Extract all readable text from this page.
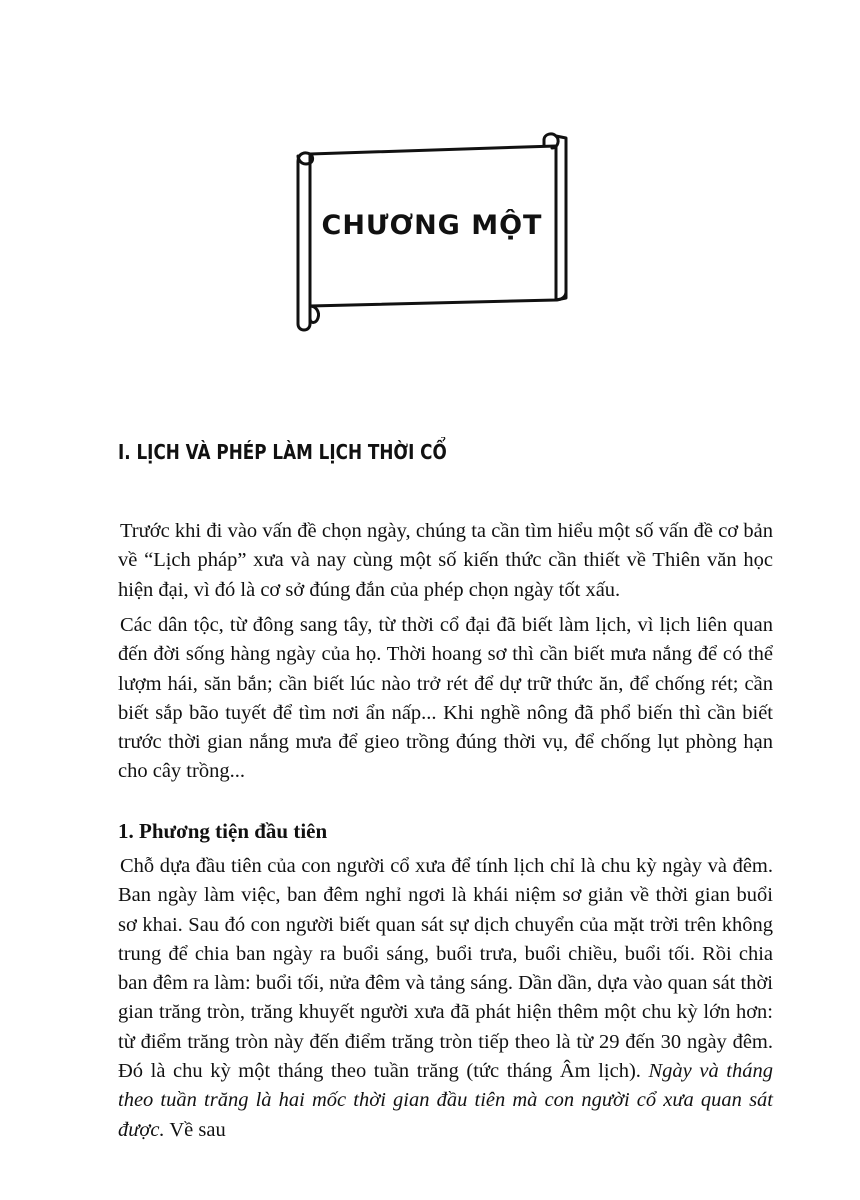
CHƯƠNG MỘT
I. LỊCH VÀ PHÉP LÀM LỊCH THỜI CỔ

Trước khi đi vào vấn đề chọn ngày, chúng ta cần tìm hiểu một số vấn đề cơ bản về “Lịch pháp” xưa và nay cùng một số kiến thức cần thiết về Thiên văn học hiện đại, vì đó là cơ sở đúng đắn của phép chọn ngày tốt xấu.

Các dân tộc, từ đông sang tây, từ thời cổ đại đã biết làm lịch, vì lịch liên quan đến đời sống hàng ngày của họ. Thời hoang sơ thì cần biết mưa nắng để có thể lượm hái, săn bắn; cần biết lúc nào trở rét để dự trữ thức ăn, để chống rét; cần biết sắp bão tuyết để tìm nơi ẩn nấp... Khi nghề nông đã phổ biến thì cần biết trước thời gian nắng mưa để gieo trồng đúng thời vụ, để chống lụt phòng hạn cho cây trồng...

1. Phương tiện đầu tiên

Chỗ dựa đầu tiên của con người cổ xưa để tính lịch chỉ là chu kỳ ngày và đêm. Ban ngày làm việc, ban đêm nghỉ ngơi là khái niệm sơ giản về thời gian buổi sơ khai. Sau đó con người biết quan sát sự dịch chuyển của mặt trời trên không trung để chia ban ngày ra buổi sáng, buổi trưa, buổi chiều, buổi tối. Rồi chia ban đêm ra làm: buổi tối, nửa đêm và tảng sáng. Dần dần, dựa vào quan sát thời gian trăng tròn, trăng khuyết người xưa đã phát hiện thêm một chu kỳ lớn hơn: từ điểm trăng tròn này đến điểm trăng tròn tiếp theo là từ 29 đến 30 ngày đêm. Đó là chu kỳ một tháng theo tuần trăng (tức tháng Âm lịch). Ngày và tháng theo tuần trăng là hai mốc thời gian đầu tiên mà con người cổ xưa quan sát được. Về sau
